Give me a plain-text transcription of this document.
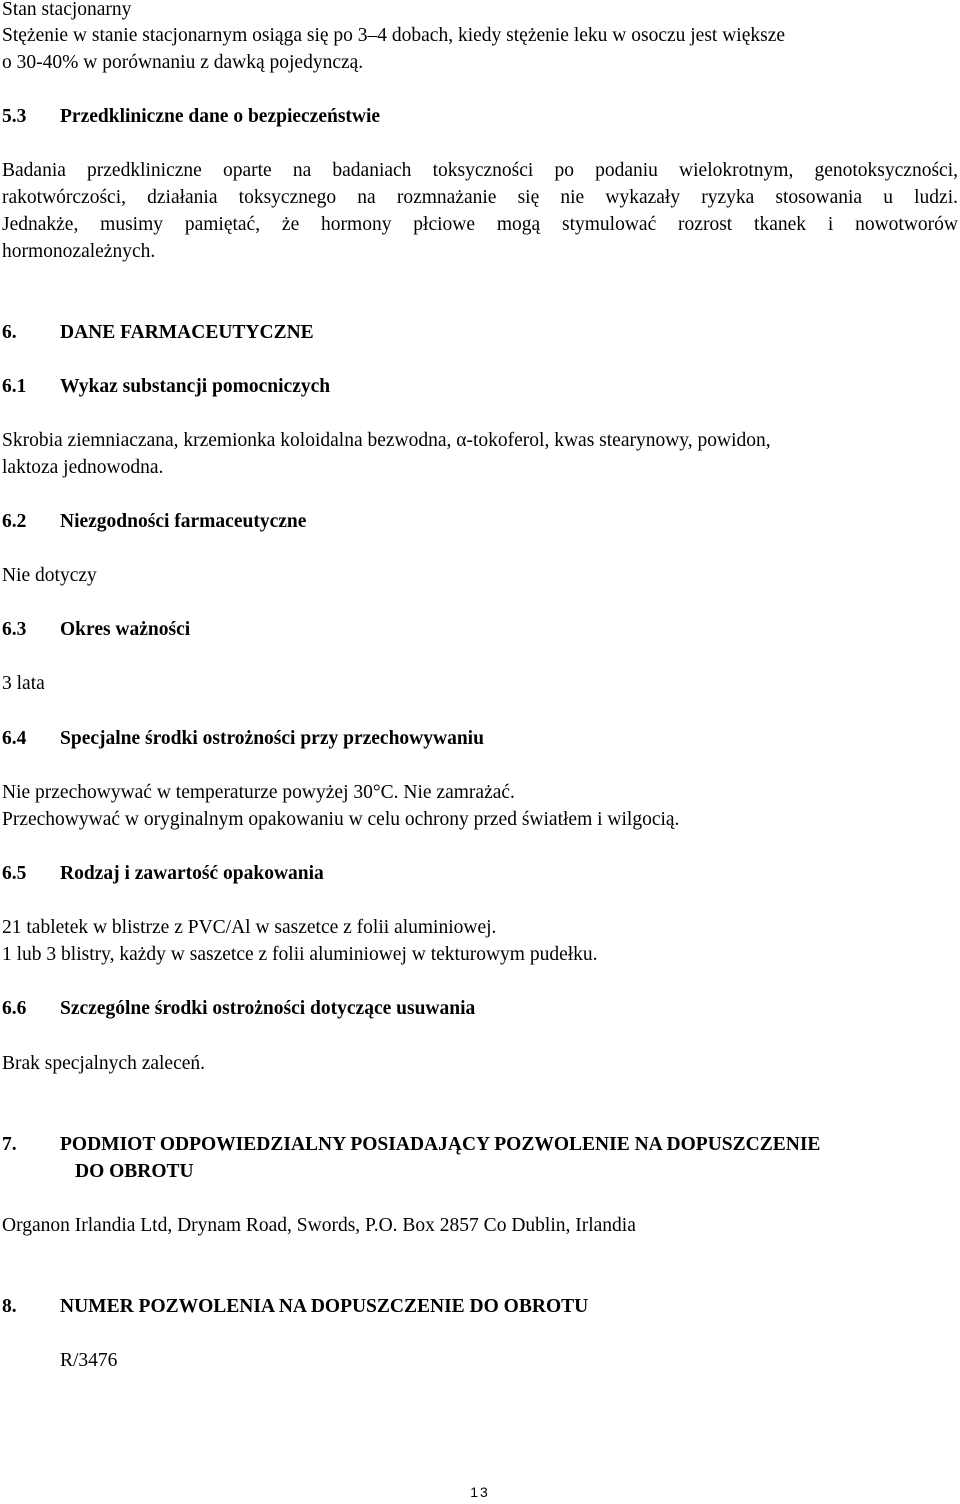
Stan stacjonarny
Stężenie w stanie stacjonarnym osiąga się po 3–4 dobach, kiedy stężenie leku w osoczu jest większe
o 30-40% w porównaniu z dawką pojedynczą.
5.3 Przedkliniczne dane o bezpieczeństwie
Badania przedkliniczne oparte na badaniach toksyczności po podaniu wielokrotnym, genotoksyczności,
rakotwórczości, działania toksycznego na rozmnażanie się nie wykazały ryzyka stosowania u ludzi.
Jednakże, musimy pamiętać, że hormony płciowe mogą stymulować rozrost tkanek i nowotworów
hormonozależnych.
6. DANE FARMACEUTYCZNE
6.1 Wykaz substancji pomocniczych
Skrobia ziemniaczana, krzemionka koloidalna bezwodna, α-tokoferol, kwas stearynowy, powidon,
laktoza jednowodna.
6.2 Niezgodności farmaceutyczne
Nie dotyczy
6.3 Okres ważności
3 lata
6.4 Specjalne środki ostrożności przy przechowywaniu
Nie przechowywać w temperaturze powyżej 30°C. Nie zamrażać.
Przechowywać w oryginalnym opakowaniu w celu ochrony przed światłem i wilgocią.
6.5 Rodzaj i zawartość opakowania
21 tabletek w blistrze z PVC/Al w saszetce z folii aluminiowej.
1 lub 3 blistry, każdy w saszetce z folii aluminiowej w tekturowym pudełku.
6.6 Szczególne środki ostrożności dotyczące usuwania
Brak specjalnych zaleceń.
7. PODMIOT ODPOWIEDZIALNY POSIADAJĄCY POZWOLENIE NA DOPUSZCZENIE
DO OBROTU
Organon Irlandia Ltd, Drynam Road, Swords, P.O. Box 2857 Co Dublin, Irlandia
8. NUMER POZWOLENIA NA DOPUSZCZENIE DO OBROTU
R/3476
13
